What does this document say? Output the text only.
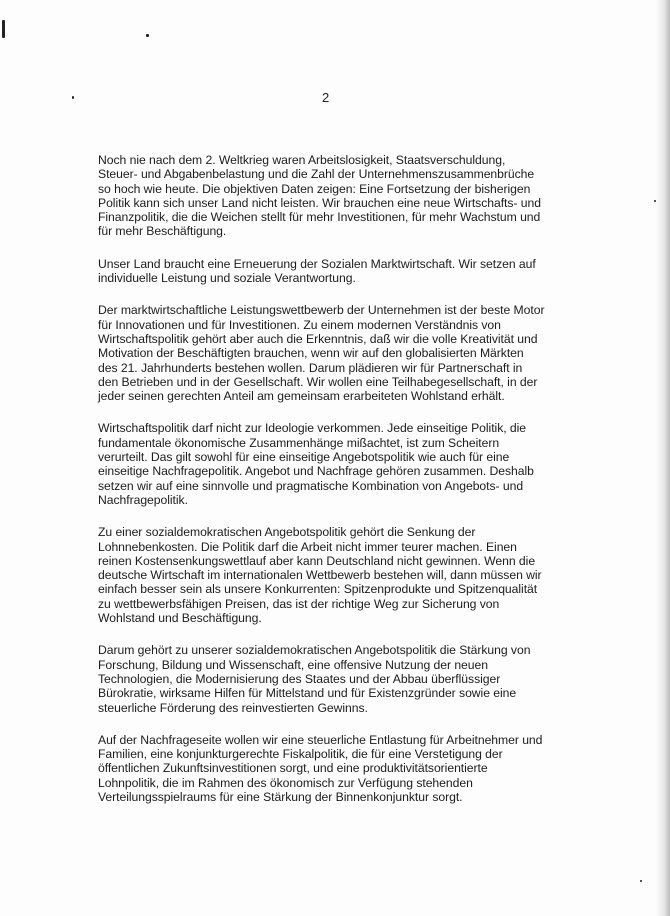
2

Noch nie nach dem 2. Weltkrieg waren Arbeitslosigkeit, Staatsverschuldung,
Steuer- und Abgabenbelastung und die Zahl der Unternehmenszusammenbrüche
so hoch wie heute. Die objektiven Daten zeigen: Eine Fortsetzung der bisherigen
Politik kann sich unser Land nicht leisten. Wir brauchen eine neue Wirtschafts- und
Finanzpolitik, die die Weichen stellt für mehr Investitionen, für mehr Wachstum und
für mehr Beschäftigung.

Unser Land braucht eine Erneuerung der Sozialen Marktwirtschaft. Wir setzen auf
individuelle Leistung und soziale Verantwortung.

Der marktwirtschaftliche Leistungswettbewerb der Unternehmen ist der beste Motor
für Innovationen und für Investitionen. Zu einem modernen Verständnis von
Wirtschaftspolitik gehört aber auch die Erkenntnis, daß wir die volle Kreativität und
Motivation der Beschäftigten brauchen, wenn wir auf den globalisierten Märkten
des 21. Jahrhunderts bestehen wollen. Darum plädieren wir für Partnerschaft in
den Betrieben und in der Gesellschaft. Wir wollen eine Teilhabegesellschaft, in der
jeder seinen gerechten Anteil am gemeinsam erarbeiteten Wohlstand erhält.

Wirtschaftspolitik darf nicht zur Ideologie verkommen. Jede einseitige Politik, die
fundamentale ökonomische Zusammenhänge mißachtet, ist zum Scheitern
verurteilt. Das gilt sowohl für eine einseitige Angebotspolitik wie auch für eine
einseitige Nachfragepolitik. Angebot und Nachfrage gehören zusammen. Deshalb
setzen wir auf eine sinnvolle und pragmatische Kombination von Angebots- und
Nachfragepolitik.

Zu einer sozialdemokratischen Angebotspolitik gehört die Senkung der
Lohnnebenkosten. Die Politik darf die Arbeit nicht immer teurer machen. Einen
reinen Kostensenkungswettlauf aber kann Deutschland nicht gewinnen. Wenn die
deutsche Wirtschaft im internationalen Wettbewerb bestehen will, dann müssen wir
einfach besser sein als unsere Konkurrenten: Spitzenprodukte und Spitzenqualität
zu wettbewerbsfähigen Preisen, das ist der richtige Weg zur Sicherung von
Wohlstand und Beschäftigung.

Darum gehört zu unserer sozialdemokratischen Angebotspolitik die Stärkung von
Forschung, Bildung und Wissenschaft, eine offensive Nutzung der neuen
Technologien, die Modernisierung des Staates und der Abbau überflüssiger
Bürokratie, wirksame Hilfen für Mittelstand und für Existenzgründer sowie eine
steuerliche Förderung des reinvestierten Gewinns.

Auf der Nachfrageseite wollen wir eine steuerliche Entlastung für Arbeitnehmer und
Familien, eine konjunkturgerechte Fiskalpolitik, die für eine Verstetigung der
öffentlichen Zukunftsinvestitionen sorgt, und eine produktivitätsorientierte
Lohnpolitik, die im Rahmen des ökonomisch zur Verfügung stehenden
Verteilungsspielraums für eine Stärkung der Binnenkonjunktur sorgt.
